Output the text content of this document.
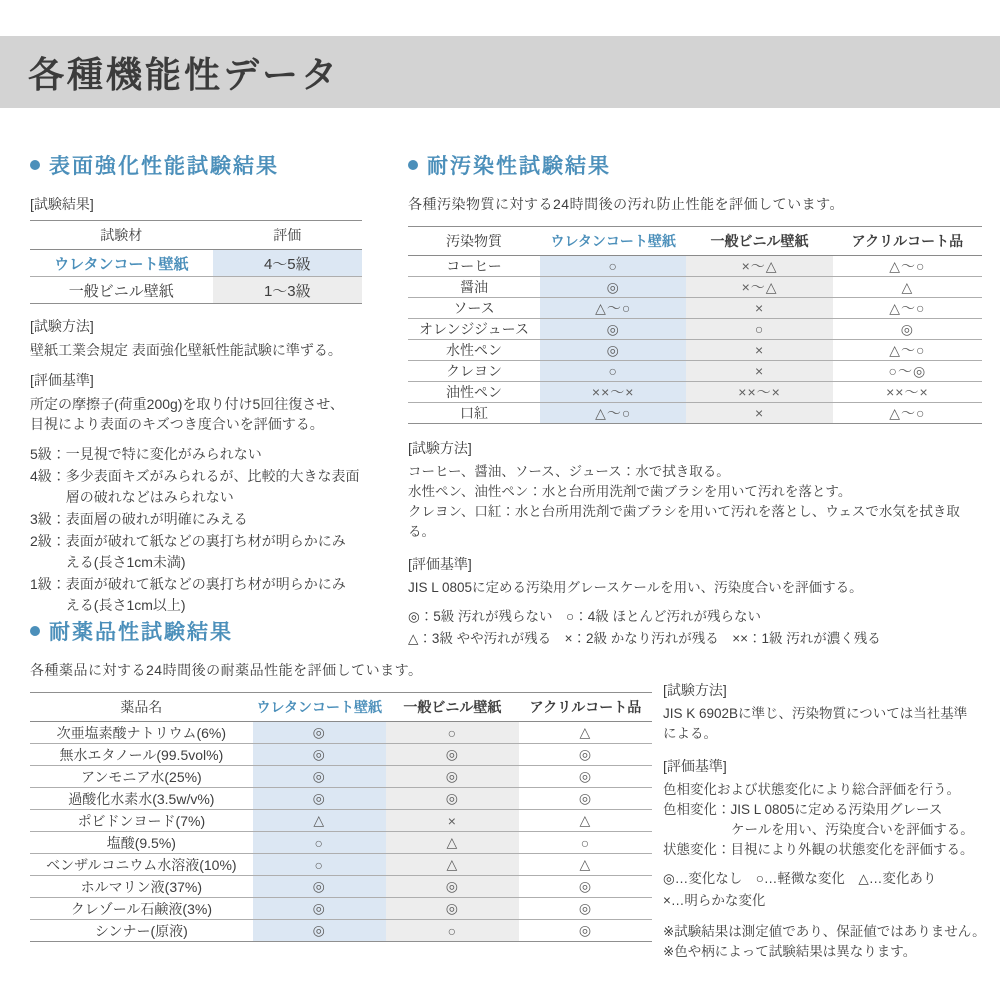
各種機能性データ
表面強化性能試験結果
[試験結果]
試験材	評価
ウレタンコート壁紙	4〜5級
一般ビニル壁紙	1〜3級
[試験方法]
壁紙工業会規定 表面強化壁紙性能試験に準ずる。
[評価基準]
所定の摩擦子(荷重200g)を取り付け5回往復させ、
目視により表面のキズつき度合いを評価する。
5級： 一見視で特に変化がみられない
4級： 多少表面キズがみられるが、比較的大きな表面
層の破れなどはみられない
3級： 表面層の破れが明確にみえる
2級： 表面が破れて紙などの裏打ち材が明らかにみ
える(長さ1cm未満)
1級： 表面が破れて紙などの裏打ち材が明らかにみ
える(長さ1cm以上)
耐汚染性試験結果
各種汚染物質に対する24時間後の汚れ防止性能を評価しています。
汚染物質	ウレタンコート壁紙	一般ビニル壁紙	アクリルコート品
コーヒー	○	×〜△	△〜○
醤油	◎	×〜△	△
ソース	△〜○	×	△〜○
オレンジジュース	◎	○	◎
水性ペン	◎	×	△〜○
クレヨン	○	×	○〜◎
油性ペン	××〜×	××〜×	××〜×
口紅	△〜○	×	△〜○
[試験方法]
コーヒー、醤油、ソース、ジュース：水で拭き取る。
水性ペン、油性ペン：水と台所用洗剤で歯ブラシを用いて汚れを落とす。
クレヨン、口紅：水と台所用洗剤で歯ブラシを用いて汚れを落とし、ウェスで水気を拭き取る。
[評価基準]
JIS L 0805に定める汚染用グレースケールを用い、汚染度合いを評価する。
◎：5級 汚れが残らない　○：4級 ほとんど汚れが残らない
△：3級 やや汚れが残る　×：2級 かなり汚れが残る　××：1級 汚れが濃く残る
耐薬品性試験結果
各種薬品に対する24時間後の耐薬品性能を評価しています。
薬品名	ウレタンコート壁紙	一般ビニル壁紙	アクリルコート品
次亜塩素酸ナトリウム(6%)	◎	○	△
無水エタノール(99.5vol%)	◎	◎	◎
アンモニア水(25%)	◎	◎	◎
過酸化水素水(3.5w/v%)	◎	◎	◎
ポビドンヨード(7%)	△	×	△
塩酸(9.5%)	○	△	○
ベンザルコニウム水溶液(10%)	○	△	△
ホルマリン液(37%)	◎	◎	◎
クレゾール石鹸液(3%)	◎	◎	◎
シンナー(原液)	◎	○	◎
[試験方法]
JIS K 6902Bに準じ、汚染物質については当社基準
による。
[評価基準]
色相変化および状態変化により総合評価を行う。
色相変化：JIS L 0805に定める汚染用グレース
ケールを用い、汚染度合いを評価する。
状態変化：目視により外観の状態変化を評価する。
◎…変化なし　○…軽微な変化　△…変化あり
×…明らかな変化
※試験結果は測定値であり、保証値ではありません。
※色や柄によって試験結果は異なります。
